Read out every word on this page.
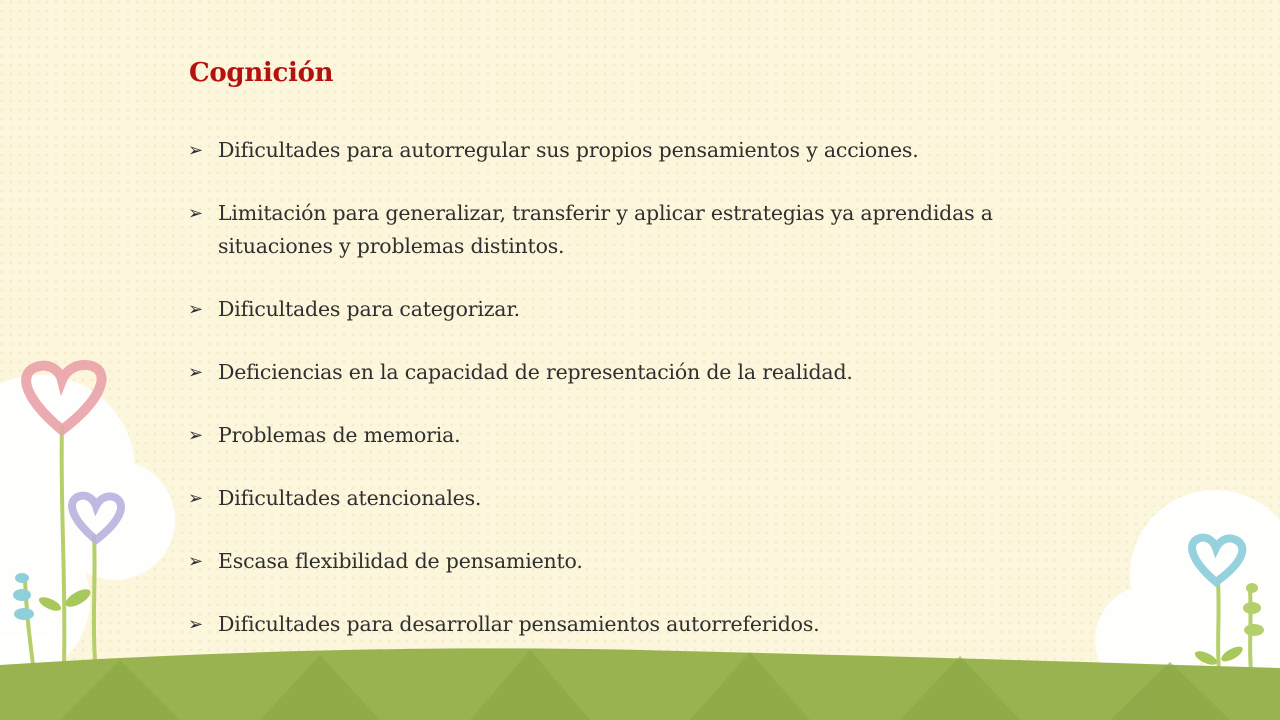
Cognición
➢ Dificultades para autorregular sus propios pensamientos y acciones.
➢ Limitación para generalizar, transferir y aplicar estrategias ya aprendidas a situaciones y problemas distintos.
➢ Dificultades para categorizar.
➢ Deficiencias en la capacidad de representación de la realidad.
➢ Problemas de memoria.
➢ Dificultades atencionales.
➢ Escasa flexibilidad de pensamiento.
➢ Dificultades para desarrollar pensamientos autorreferidos.
